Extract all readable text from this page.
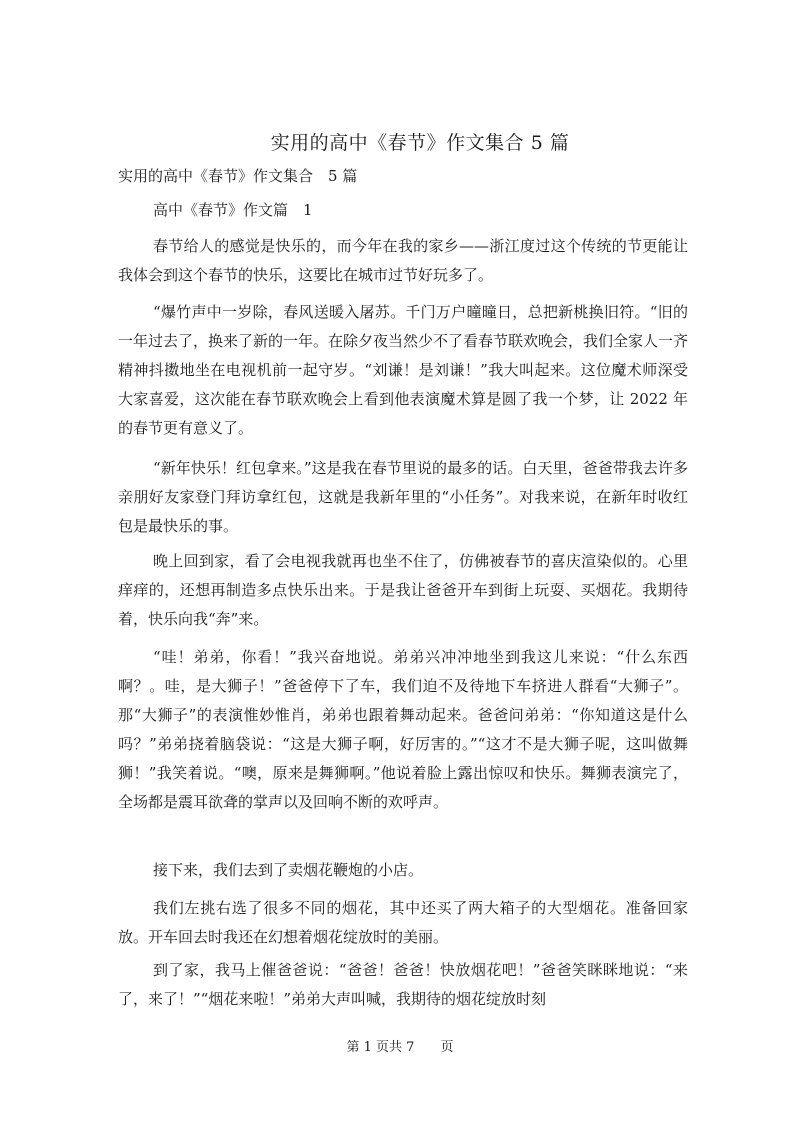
实用的高中《春节》作文集合 5 篇
实用的高中《春节》作文集合　5 篇
高中《春节》作文篇　1

春节给人的感觉是快乐的，而今年在我的家乡——浙江度过这个传统的节更能让我体会到这个春节的快乐，这要比在城市过节好玩多了。

“爆竹声中一岁除，春风送暖入屠苏。千门万户曈曈日，总把新桃换旧符。“旧的一年过去了，换来了新的一年。在除夕夜当然少不了看春节联欢晚会，我们全家人一齐精神抖擞地坐在电视机前一起守岁。“刘谦！是刘谦！”我大叫起来。这位魔术师深受大家喜爱，这次能在春节联欢晚会上看到他表演魔术算是圆了我一个梦，让 2022 年的春节更有意义了。

“新年快乐！红包拿来。”这是我在春节里说的最多的话。白天里，爸爸带我去许多亲朋好友家登门拜访拿红包，这就是我新年里的“小任务”。对我来说，在新年时收红包是最快乐的事。

晚上回到家，看了会电视我就再也坐不住了，仿佛被春节的喜庆渲染似的。心里痒痒的，还想再制造多点快乐出来。于是我让爸爸开车到街上玩耍、买烟花。我期待着，快乐向我“奔”来。

“哇！弟弟，你看！”我兴奋地说。弟弟兴冲冲地坐到我这儿来说：“什么东西啊？。哇，是大狮子！”爸爸停下了车，我们迫不及待地下车挤进人群看“大狮子”。那“大狮子”的表演惟妙惟肖，弟弟也跟着舞动起来。爸爸问弟弟：“你知道这是什么吗？”弟弟挠着脑袋说：“这是大狮子啊，好厉害的。”“这才不是大狮子呢，这叫做舞狮！”我笑着说。“噢，原来是舞狮啊。”他说着脸上露出惊叹和快乐。舞狮表演完了，全场都是震耳欲聋的掌声以及回响不断的欢呼声。

接下来，我们去到了卖烟花鞭炮的小店。

我们左挑右选了很多不同的烟花，其中还买了两大箱子的大型烟花。准备回家放。开车回去时我还在幻想着烟花绽放时的美丽。

到了家，我马上催爸爸说：“爸爸！爸爸！快放烟花吧！”爸爸笑眯眯地说：“来了，来了！”“烟花来啦！”弟弟大声叫喊，我期待的烟花绽放时刻

第 1 页共 7　　页
